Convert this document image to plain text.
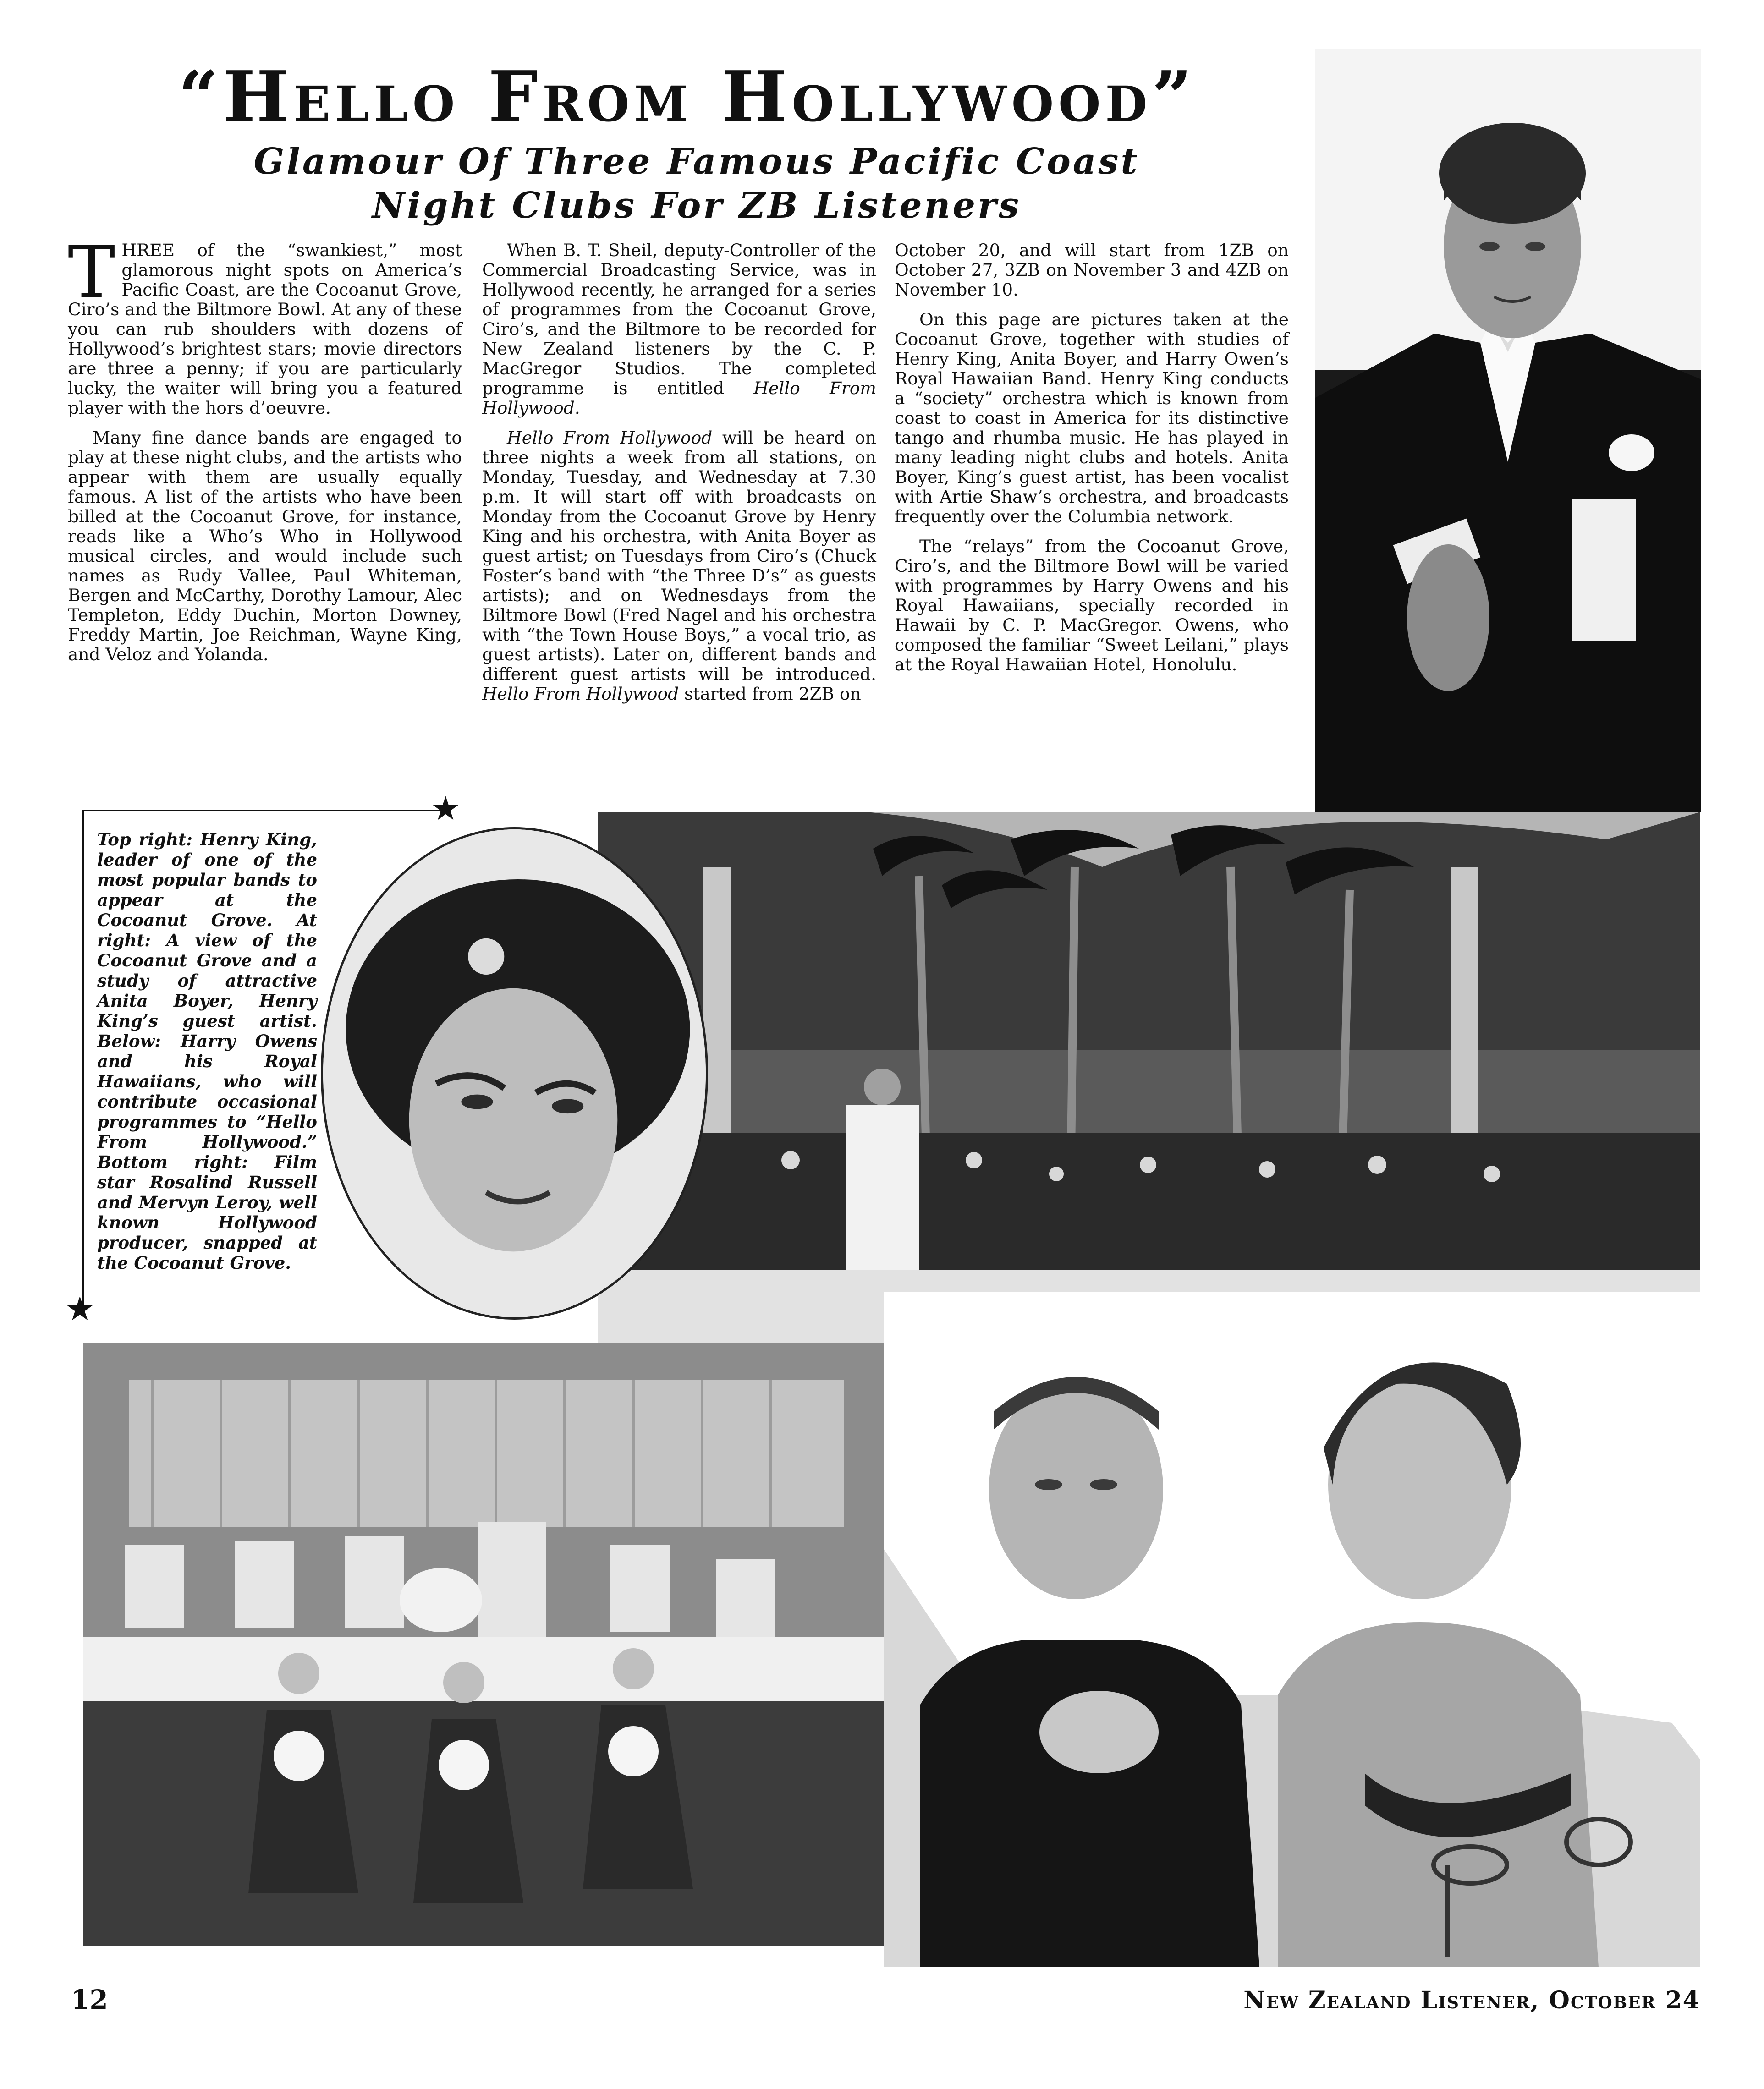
“Hello From Hollywood”
Glamour Of Three Famous Pacific Coast
Night Clubs For ZB Listeners

THREE of the “swankiest,” most glamorous night spots on America’s Pacific Coast, are the Cocoanut Grove, Ciro’s and the Biltmore Bowl. At any of these you can rub shoulders with dozens of Hollywood’s brightest stars; movie directors are three a penny; if you are particularly lucky, the waiter will bring you a featured player with the hors d’oeuvre.

Many fine dance bands are engaged to play at these night clubs, and the artists who appear with them are usually equally famous. A list of the artists who have been billed at the Cocoanut Grove, for instance, reads like a Who’s Who in Hollywood musical circles, and would include such names as Rudy Vallee, Paul Whiteman, Bergen and McCarthy, Dorothy Lamour, Alec Templeton, Eddy Duchin, Morton Downey, Freddy Martin, Joe Reichman, Wayne King, and Veloz and Yolanda.

When B. T. Sheil, deputy-Controller of the Commercial Broadcasting Service, was in Hollywood recently, he arranged for a series of programmes from the Cocoanut Grove, Ciro’s, and the Biltmore to be recorded for New Zealand listeners by the C. P. MacGregor Studios. The completed programme is entitled Hello From Hollywood.

Hello From Hollywood will be heard on three nights a week from all stations, on Monday, Tuesday, and Wednesday at 7.30 p.m. It will start off with broadcasts on Monday from the Cocoanut Grove by Henry King and his orchestra, with Anita Boyer as guest artist; on Tuesdays from Ciro’s (Chuck Foster’s band with “the Three D’s” as guests artists); and on Wednesdays from the Biltmore Bowl (Fred Nagel and his orchestra with “the Town House Boys,” a vocal trio, as guest artists). Later on, different bands and different guest artists will be introduced. Hello From Hollywood started from 2ZB on

October 20, and will start from 1ZB on October 27, 3ZB on November 3 and 4ZB on November 10.

On this page are pictures taken at the Cocoanut Grove, together with studies of Henry King, Anita Boyer, and Harry Owen’s Royal Hawaiian Band. Henry King conducts a “society” orchestra which is known from coast to coast in America for its distinctive tango and rhumba music. He has played in many leading night clubs and hotels. Anita Boyer, King’s guest artist, has been vocalist with Artie Shaw’s orchestra, and broadcasts frequently over the Columbia network.

The “relays” from the Cocoanut Grove, Ciro’s, and the Biltmore Bowl will be varied with programmes by Harry Owens and his Royal Hawaiians, specially recorded in Hawaii by C. P. MacGregor. Owens, who composed the familiar “Sweet Leilani,” plays at the Royal Hawaiian Hotel, Honolulu.

★
★

Top right: Henry King, leader of one of the most popular bands to appear at the Cocoanut Grove. At right: A view of the Cocoanut Grove and a study of attractive Anita Boyer, Henry King’s guest artist. Below: Harry Owens and his Royal Hawaiians, who will contribute occasional programmes to “Hello From Hollywood.” Bottom right: Film star Rosalind Russell and Mervyn Leroy, well known Hollywood producer, snapped at the Cocoanut Grove.

12	New Zealand Listener, October 24
